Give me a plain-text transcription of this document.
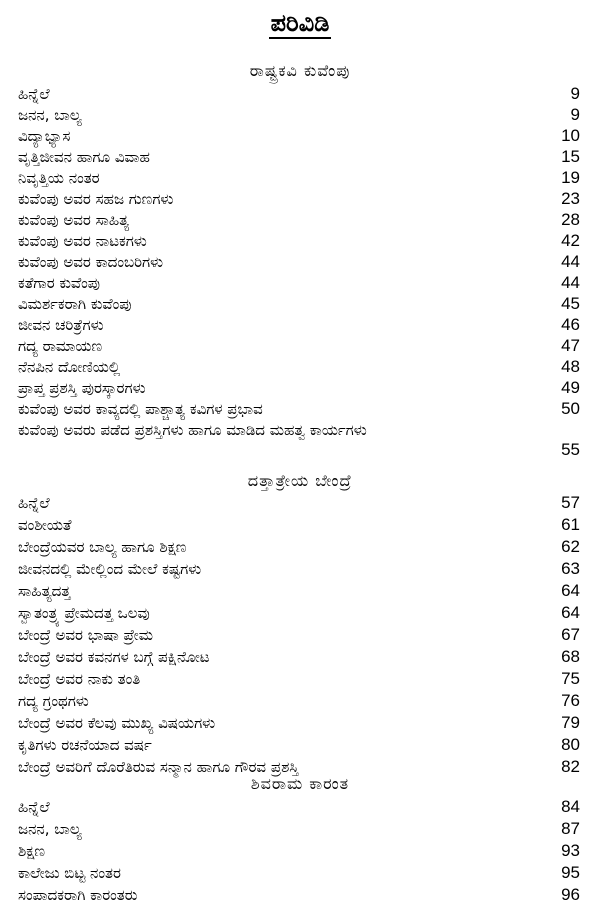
ಪರಿವಿಡಿ
ರಾಷ್ಟ್ರಕವಿ ಕುವೆಂಪು
ಹಿನ್ನೆಲೆ	9
ಜನನ, ಬಾಲ್ಯ	9
ವಿದ್ಯಾಭ್ಯಾಸ	10
ವೃತ್ತಿಜೀವನ ಹಾಗೂ ವಿವಾಹ	15
ನಿವೃತ್ತಿಯ ನಂತರ	19
ಕುವೆಂಪು ಅವರ ಸಹಜ ಗುಣಗಳು	23
ಕುವೆಂಪು ಅವರ ಸಾಹಿತ್ಯ	28
ಕುವೆಂಪು ಅವರ ನಾಟಕಗಳು	42
ಕುವೆಂಪು ಅವರ ಕಾದಂಬರಿಗಳು	44
ಕತೆಗಾರ ಕುವೆಂಪು	44
ವಿಮರ್ಶಕರಾಗಿ ಕುವೆಂಪು	45
ಜೀವನ ಚರಿತ್ರೆಗಳು	46
ಗದ್ಯ ರಾಮಾಯಣ	47
ನೆನಪಿನ ದೋಣಿಯಲ್ಲಿ	48
ಪ್ರಾಪ್ತ ಪ್ರಶಸ್ತಿ ಪುರಸ್ಕಾರಗಳು	49
ಕುವೆಂಪು ಅವರ ಕಾವ್ಯದಲ್ಲಿ ಪಾಶ್ಚಾತ್ಯ ಕವಿಗಳ ಪ್ರಭಾವ	50
ಕುವೆಂಪು ಅವರು ಪಡೆದ ಪ್ರಶಸ್ತಿಗಳು ಹಾಗೂ ಮಾಡಿದ ಮಹತ್ವ ಕಾರ್ಯಗಳು
55
ದತ್ತಾತ್ರೇಯ ಬೇಂದ್ರೆ
ಹಿನ್ನೆಲೆ	57
ವಂಶೀಯತೆ	61
ಬೇಂದ್ರೆಯವರ ಬಾಲ್ಯ ಹಾಗೂ ಶಿಕ್ಷಣ	62
ಜೀವನದಲ್ಲಿ ಮೇಲ್ಲಿಂದ ಮೇಲೆ ಕಷ್ಟಗಳು	63
ಸಾಹಿತ್ಯದತ್ತ	64
ಸ್ವಾತಂತ್ರ್ಯ ಪ್ರೇಮದತ್ತ ಒಲವು	64
ಬೇಂದ್ರೆ ಅವರ ಭಾಷಾ ಪ್ರೇಮ	67
ಬೇಂದ್ರೆ ಅವರ ಕವನಗಳ ಬಗ್ಗೆ ಪಕ್ಷಿನೋಟ	68
ಬೇಂದ್ರೆ ಅವರ ನಾಕು ತಂತಿ	75
ಗದ್ಯ ಗ್ರಂಥಗಳು	76
ಬೇಂದ್ರೆ ಅವರ ಕೆಲವು ಮುಖ್ಯ ವಿಷಯಗಳು	79
ಕೃತಿಗಳು ರಚನೆಯಾದ ವರ್ಷ	80
ಬೇಂದ್ರೆ ಅವರಿಗೆ ದೊರೆತಿರುವ ಸನ್ಮಾನ ಹಾಗೂ ಗೌರವ ಪ್ರಶಸ್ತಿ	82
ಶಿವರಾಮ ಕಾರಂತ
ಹಿನ್ನೆಲೆ	84
ಜನನ, ಬಾಲ್ಯ	87
ಶಿಕ್ಷಣ	93
ಕಾಲೇಜು ಬಿಟ್ಟ ನಂತರ	95
ಸಂಪಾದಕರಾಗಿ ಕಾರಂತರು	96
